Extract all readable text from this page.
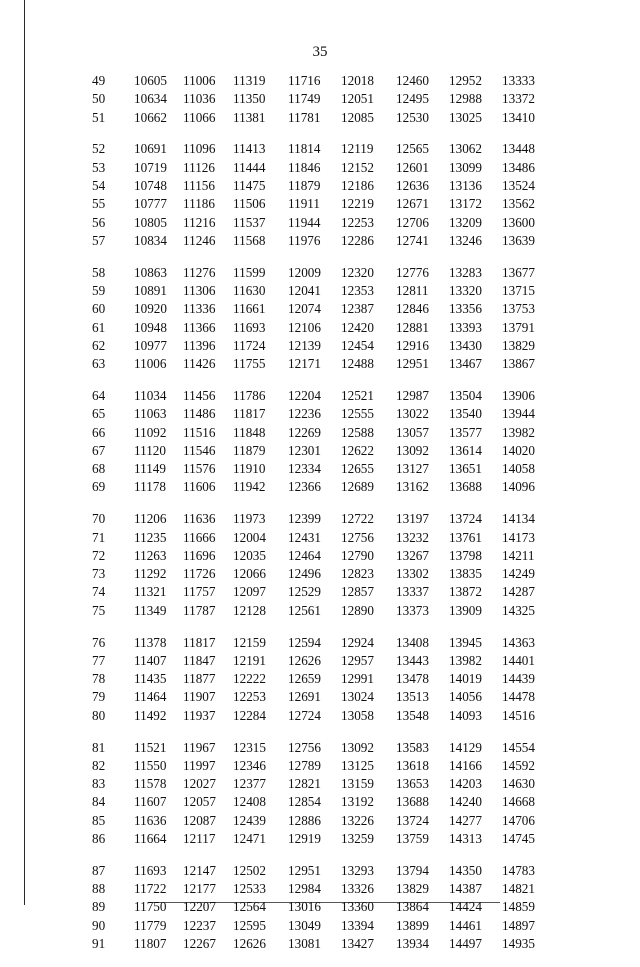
35
49	10605	11006	11319	11716	12018	12460	12952	13333
50	10634	11036	11350	11749	12051	12495	12988	13372
51	10662	11066	11381	11781	12085	12530	13025	13410
52	10691	11096	11413	11814	12119	12565	13062	13448
53	10719	11126	11444	11846	12152	12601	13099	13486
54	10748	11156	11475	11879	12186	12636	13136	13524
55	10777	11186	11506	11911	12219	12671	13172	13562
56	10805	11216	11537	11944	12253	12706	13209	13600
57	10834	11246	11568	11976	12286	12741	13246	13639
58	10863	11276	11599	12009	12320	12776	13283	13677
59	10891	11306	11630	12041	12353	12811	13320	13715
60	10920	11336	11661	12074	12387	12846	13356	13753
61	10948	11366	11693	12106	12420	12881	13393	13791
62	10977	11396	11724	12139	12454	12916	13430	13829
63	11006	11426	11755	12171	12488	12951	13467	13867
64	11034	11456	11786	12204	12521	12987	13504	13906
65	11063	11486	11817	12236	12555	13022	13540	13944
66	11092	11516	11848	12269	12588	13057	13577	13982
67	11120	11546	11879	12301	12622	13092	13614	14020
68	11149	11576	11910	12334	12655	13127	13651	14058
69	11178	11606	11942	12366	12689	13162	13688	14096
70	11206	11636	11973	12399	12722	13197	13724	14134
71	11235	11666	12004	12431	12756	13232	13761	14173
72	11263	11696	12035	12464	12790	13267	13798	14211
73	11292	11726	12066	12496	12823	13302	13835	14249
74	11321	11757	12097	12529	12857	13337	13872	14287
75	11349	11787	12128	12561	12890	13373	13909	14325
76	11378	11817	12159	12594	12924	13408	13945	14363
77	11407	11847	12191	12626	12957	13443	13982	14401
78	11435	11877	12222	12659	12991	13478	14019	14439
79	11464	11907	12253	12691	13024	13513	14056	14478
80	11492	11937	12284	12724	13058	13548	14093	14516
81	11521	11967	12315	12756	13092	13583	14129	14554
82	11550	11997	12346	12789	13125	13618	14166	14592
83	11578	12027	12377	12821	13159	13653	14203	14630
84	11607	12057	12408	12854	13192	13688	14240	14668
85	11636	12087	12439	12886	13226	13724	14277	14706
86	11664	12117	12471	12919	13259	13759	14313	14745
87	11693	12147	12502	12951	13293	13794	14350	14783
88	11722	12177	12533	12984	13326	13829	14387	14821
89	11750	12207	12564	13016	13360	13864	14424	14859
90	11779	12237	12595	13049	13394	13899	14461	14897
91	11807	12267	12626	13081	13427	13934	14497	14935
